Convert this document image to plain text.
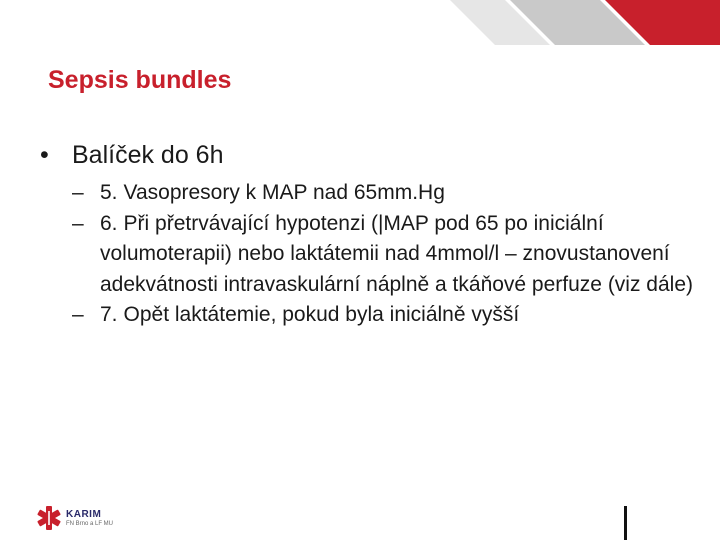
Sepsis bundles
• Balíček do 6h
– 5. Vasopresory k MAP nad 65mm.Hg
– 6. Při přetrvávající hypotenzi (|MAP pod 65 po iniciální volumoterapii) nebo laktátemii nad 4mmol/l – znovustanovení adekvátnosti intravaskulární náplně a tkáňové perfuze (viz dále)
– 7. Opět laktátemie, pokud byla iniciálně vyšší
KARIM
FN Brno a LF MU
